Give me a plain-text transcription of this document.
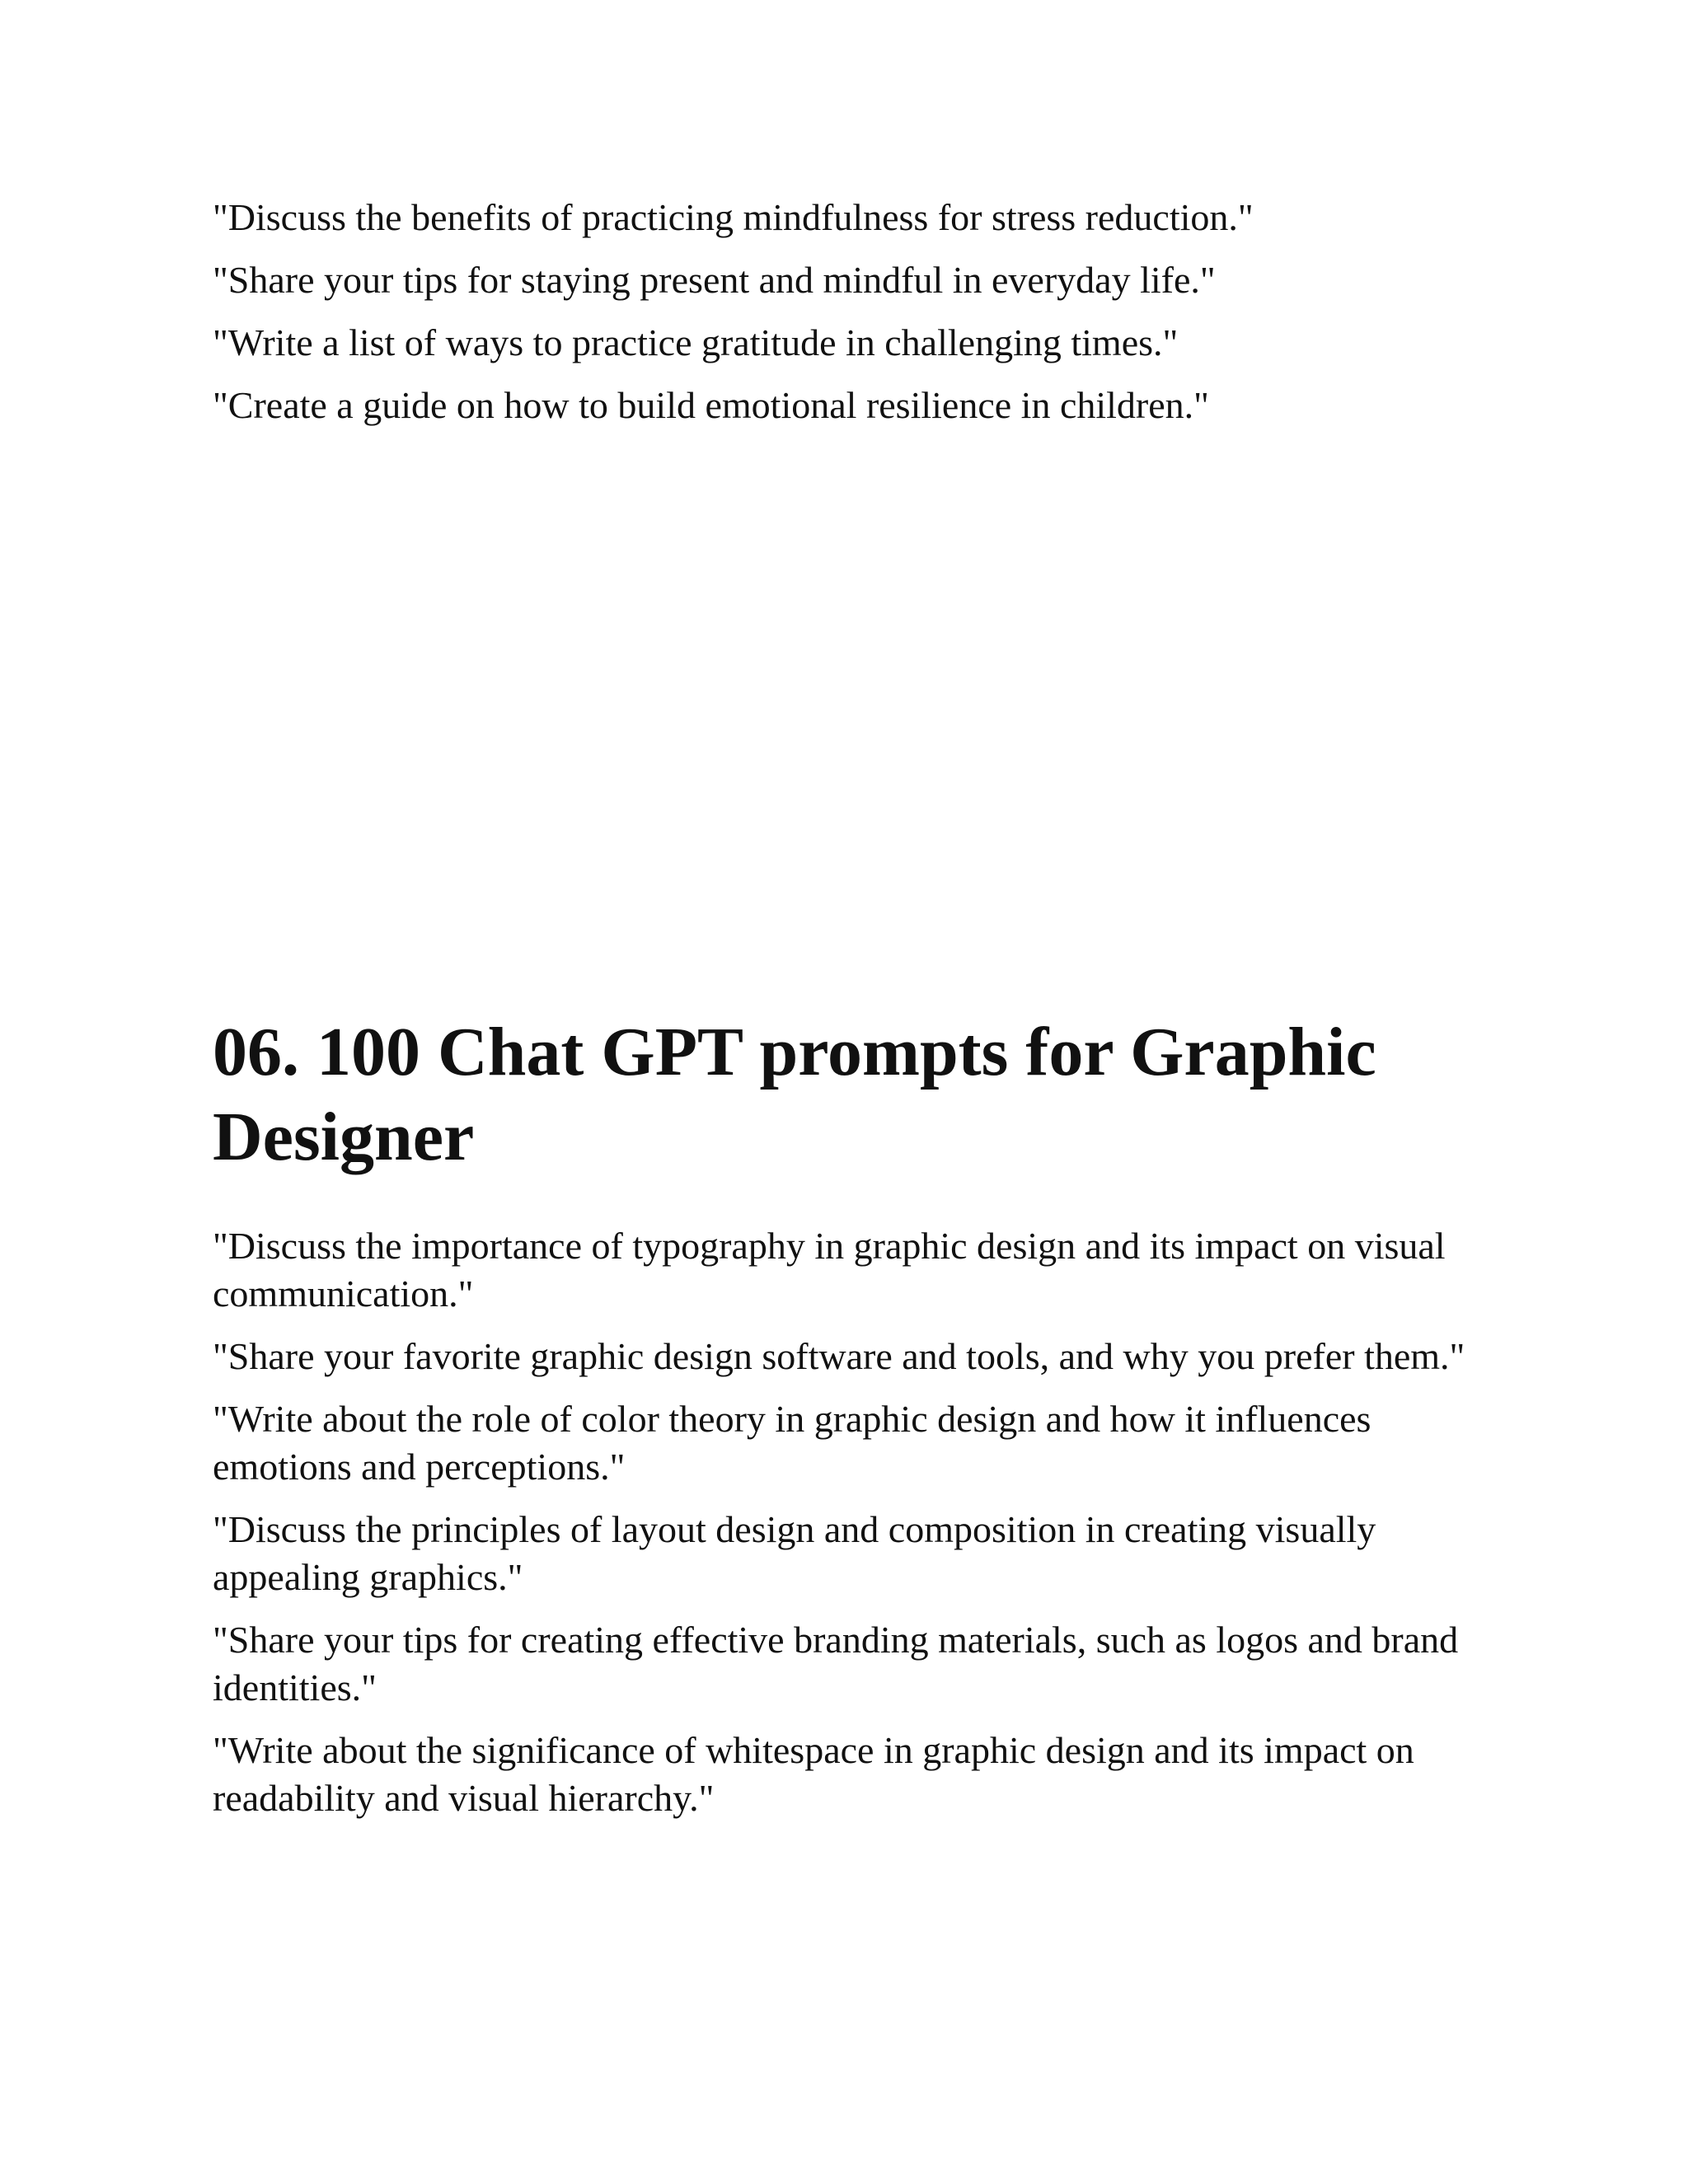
"Discuss the benefits of practicing mindfulness for stress reduction."
"Share your tips for staying present and mindful in everyday life."
"Write a list of ways to practice gratitude in challenging times."
"Create a guide on how to build emotional resilience in children."
06. 100 Chat GPT prompts for Graphic Designer

"Discuss the importance of typography in graphic design and its impact on visual communication."

"Share your favorite graphic design software and tools, and why you prefer them."

"Write about the role of color theory in graphic design and how it influences emotions and perceptions."

"Discuss the principles of layout design and composition in creating visually appealing graphics."

"Share your tips for creating effective branding materials, such as logos and brand identities."

"Write about the significance of whitespace in graphic design and its impact on readability and visual hierarchy."
